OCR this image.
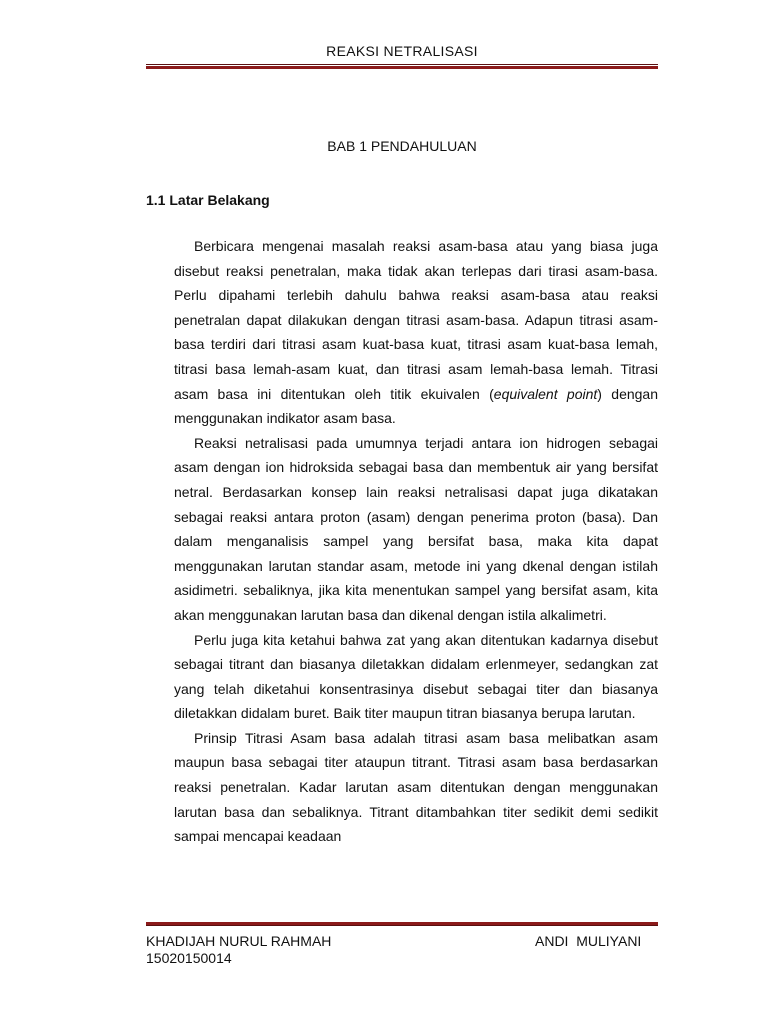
REAKSI NETRALISASI
BAB 1 PENDAHULUAN
1.1 Latar Belakang

Berbicara mengenai masalah reaksi asam-basa atau yang biasa juga disebut reaksi penetralan, maka tidak akan terlepas dari tirasi asam-basa. Perlu dipahami terlebih dahulu bahwa reaksi asam-basa atau reaksi penetralan dapat dilakukan dengan titrasi asam-basa. Adapun titrasi asam-basa terdiri dari titrasi asam kuat-basa kuat, titrasi asam kuat-basa lemah, titrasi basa lemah-asam kuat, dan titrasi asam lemah-basa lemah. Titrasi asam basa ini ditentukan oleh titik ekuivalen (equivalent point) dengan menggunakan indikator asam basa.

Reaksi netralisasi pada umumnya terjadi antara ion hidrogen sebagai asam dengan ion hidroksida sebagai basa dan membentuk air yang bersifat netral. Berdasarkan konsep lain reaksi netralisasi dapat juga dikatakan sebagai reaksi antara proton (asam) dengan penerima proton (basa). Dan dalam menganalisis sampel yang bersifat basa, maka kita dapat menggunakan larutan standar asam, metode ini yang dkenal dengan istilah asidimetri. sebaliknya, jika kita menentukan sampel yang bersifat asam, kita akan menggunakan larutan basa dan dikenal dengan istila alkalimetri.

Perlu juga kita ketahui bahwa zat yang akan ditentukan kadarnya disebut sebagai titrant dan biasanya diletakkan didalam erlenmeyer, sedangkan zat yang telah diketahui konsentrasinya disebut sebagai titer dan biasanya diletakkan didalam buret. Baik titer maupun titran biasanya berupa larutan.

Prinsip Titrasi Asam basa adalah titrasi asam basa melibatkan asam maupun basa sebagai titer ataupun titrant. Titrasi asam basa berdasarkan reaksi penetralan. Kadar larutan asam ditentukan dengan menggunakan larutan basa dan sebaliknya. Titrant ditambahkan titer sedikit demi sedikit sampai mencapai keadaan

KHADIJAH NURUL RAHMAH
15020150014
ANDI  MULIYANI
